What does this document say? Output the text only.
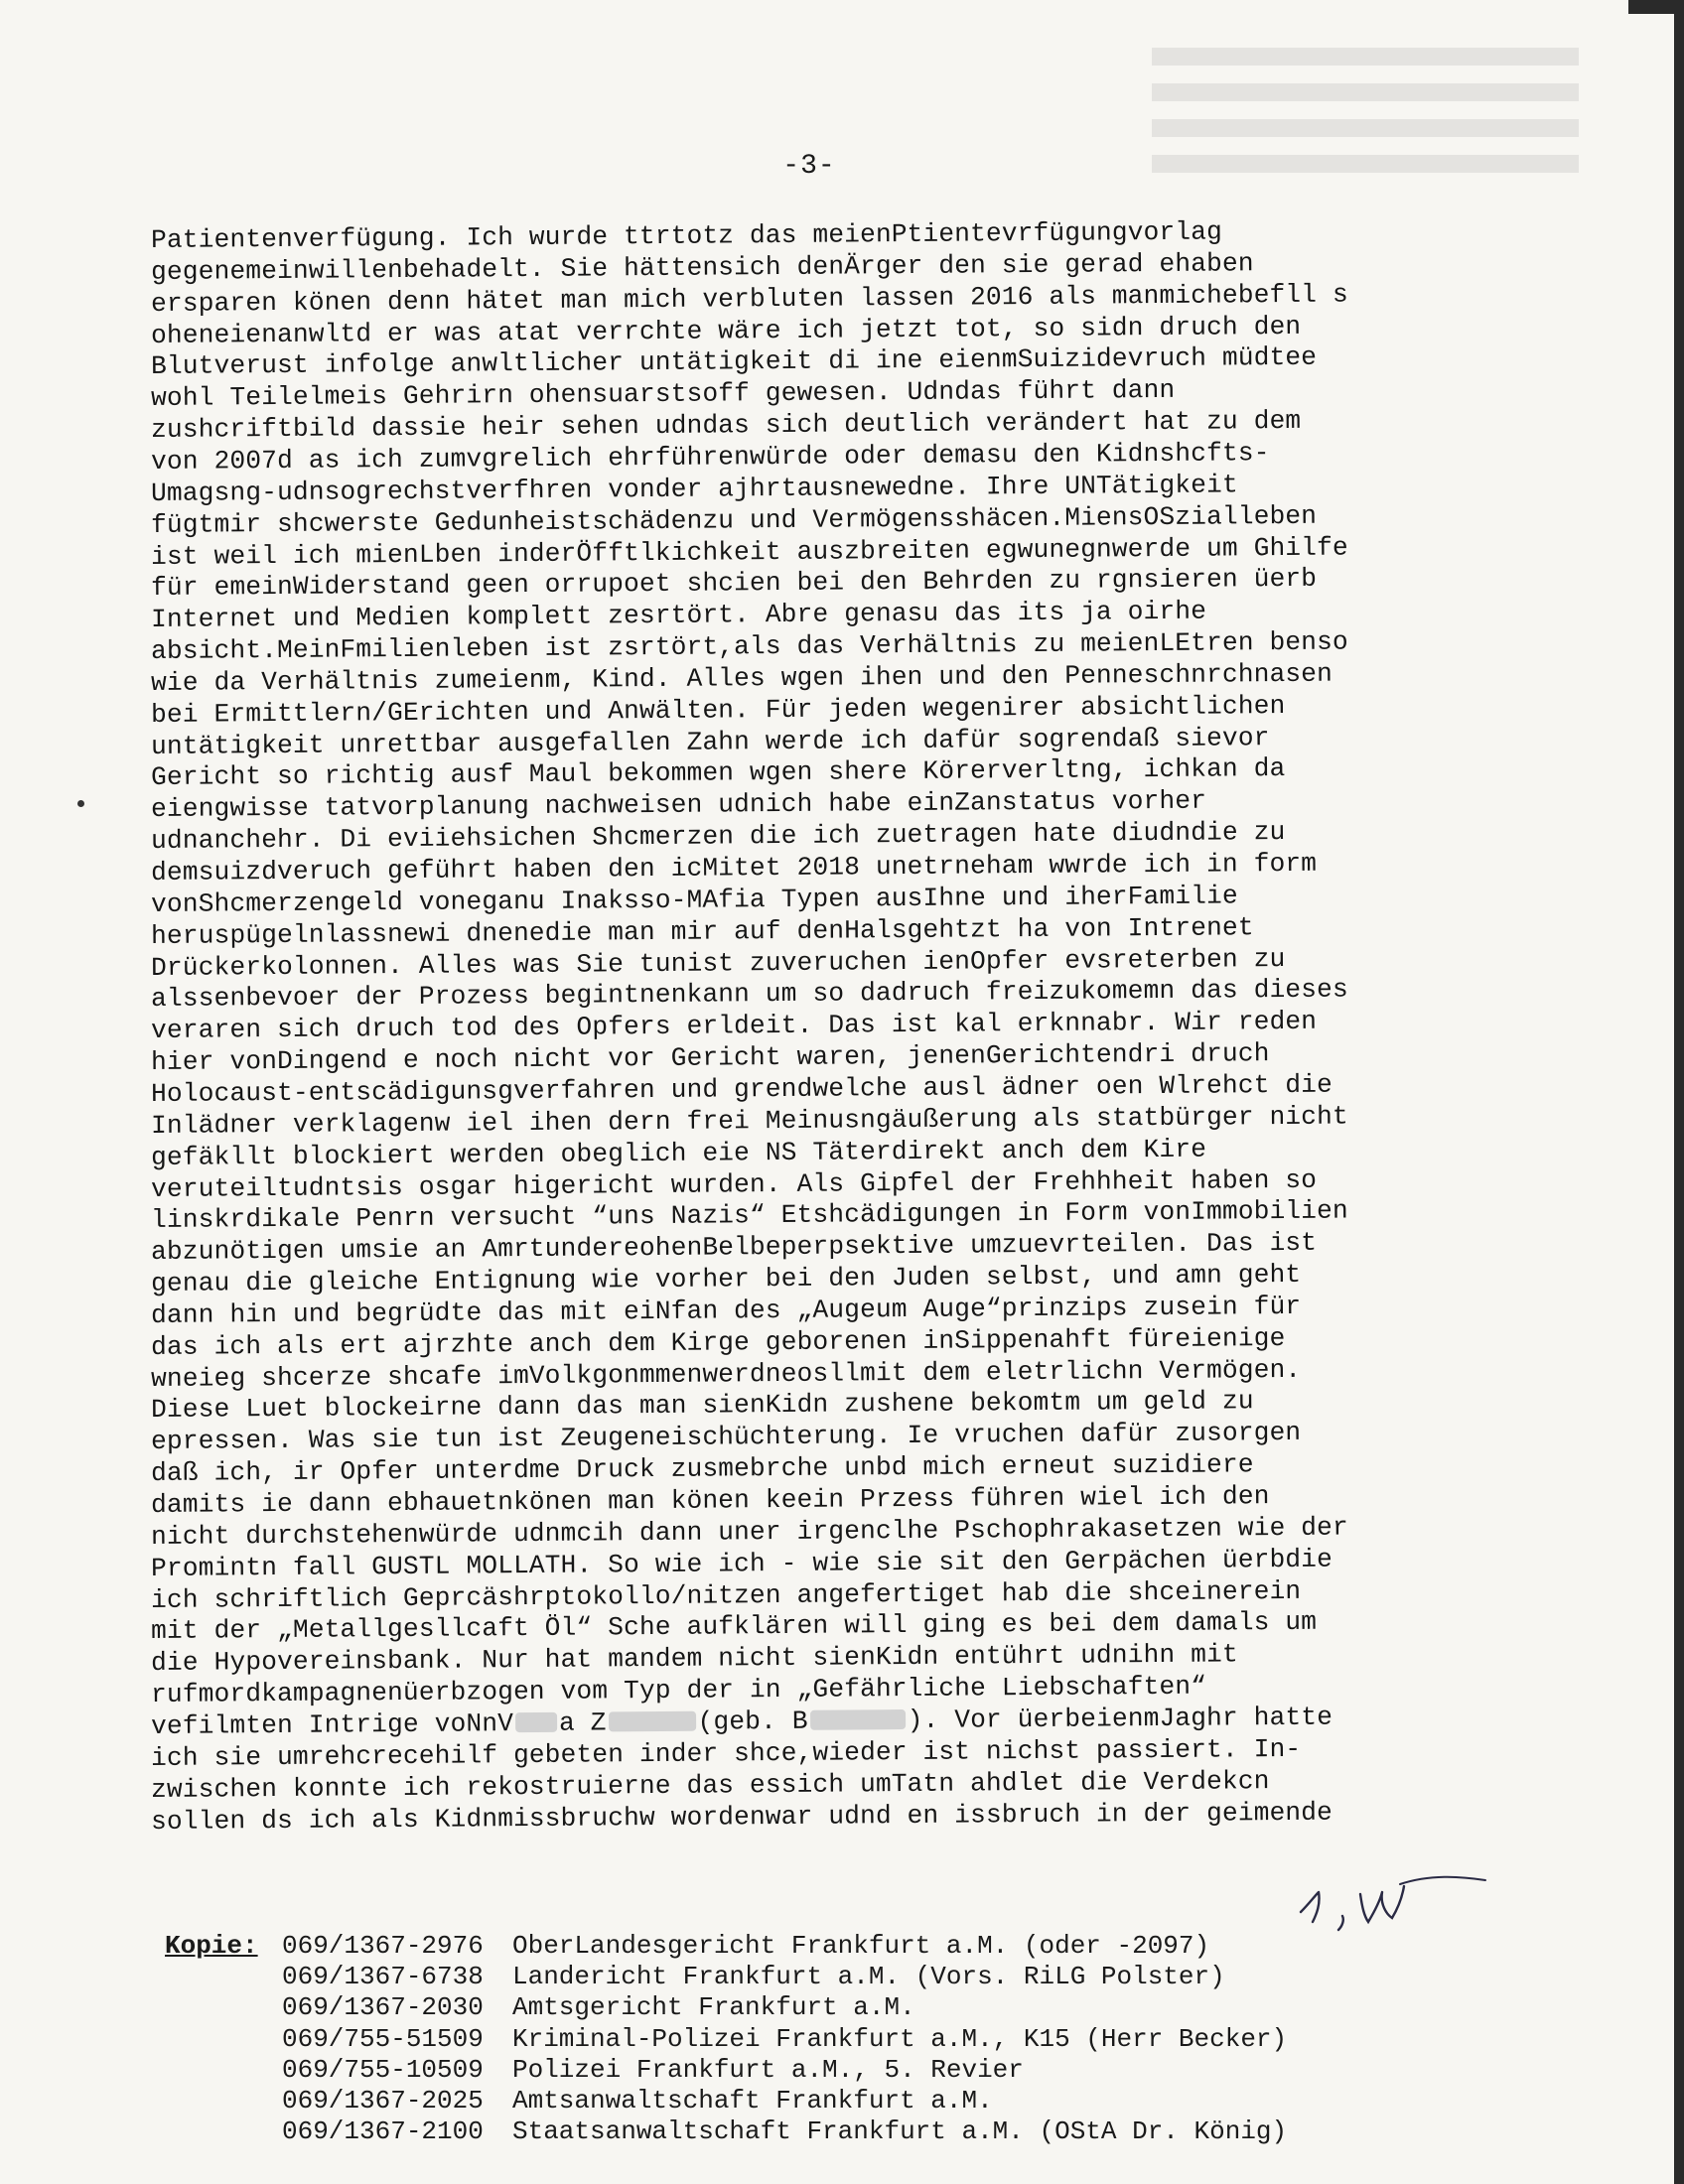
-3-
Patientenverfügung. Ich wurde ttrtotz das meienPtientevrfügungvorlag
gegenemeinwillenbehadelt. Sie hättensich denÄrger den sie gerad ehaben
ersparen könen denn hätet man mich verbluten lassen 2016 als manmichebefll s
oheneienanwltd er was atat verrchte wäre ich jetzt tot, so sidn druch den
Blutverust infolge anwltlicher untätigkeit di ine eienmSuizidevruch müdtee
wohl Teilelmeis Gehrirn ohensuarstsoff gewesen. Udndas führt dann
zushcriftbild dassie heir sehen udndas sich deutlich verändert hat zu dem
von 2007d as ich zumvgrelich ehrführenwürde oder demasu den Kidnshcfts-
Umagsng-udnsogrechstverfhren vonder ajhrtausnewedne. Ihre UNTätigkeit
fügtmir shcwerste Gedunheistschädenzu und Vermögensshäcen.MiensOSzialleben
ist weil ich mienLben inderÖfftlkichkeit auszbreiten egwunegnwerde um Ghilfe
für emeinWiderstand geen orrupoet shcien bei den Behrden zu rgnsieren üerb
Internet und Medien komplett zesrtört. Abre genasu das its ja oirhe
absicht.MeinFmilienleben ist zsrtört,als das Verhältnis zu meienLEtren benso
wie da Verhältnis zumeienm, Kind. Alles wgen ihen und den Penneschnrchnasen
bei Ermittlern/GErichten und Anwälten. Für jeden wegenirer absichtlichen
untätigkeit unrettbar ausgefallen Zahn werde ich dafür sogrendaß sievor
Gericht so richtig ausf Maul bekommen wgen shere Körerverltng, ichkan da
eiengwisse tatvorplanung nachweisen udnich habe einZanstatus vorher
udnanchehr. Di eviiehsichen Shcmerzen die ich zuetragen hate diudndie zu
demsuizdveruch geführt haben den icMitet 2018 unetrneham wwrde ich in form
vonShcmerzengeld voneganu Inaksso-MAfia Typen ausIhne und iherFamilie
heruspügelnlassnewi dnenedie man mir auf denHalsgehtzt ha von Intrenet
Drückerkolonnen. Alles was Sie tunist zuveruchen ienOpfer evsreterben zu
alssenbevoer der Prozess begintnenkann um so dadruch freizukomemn das dieses
veraren sich druch tod des Opfers erldeit. Das ist kal erknnabr. Wir reden
hier vonDingend e noch nicht vor Gericht waren, jenenGerichtendri druch
Holocaust-entscädigunsgverfahren und grendwelche ausl ädner oen Wlrehct die
Inlädner verklagenw iel ihen dern frei Meinusngäußerung als statbürger nicht
gefäkllt blockiert werden obeglich eie NS Täterdirekt anch dem Kire
veruteiltudntsis osgar higericht wurden. Als Gipfel der Frehhheit haben so
linskrdikale Penrn versucht “uns Nazis“ Etshcädigungen in Form vonImmobilien
abzunötigen umsie an AmrtundereohenBelbeperpsektive umzuevrteilen. Das ist
genau die gleiche Entignung wie vorher bei den Juden selbst, und amn geht
dann hin und begrüdte das mit eiNfan des „Augeum Auge“prinzips zusein für
das ich als ert ajrzhte anch dem Kirge geborenen inSippenahft füreienige
wneieg shcerze shcafe imVolkgonmmenwerdneosllmit dem eletrlichn Vermögen.
Diese Luet blockeirne dann das man sienKidn zushene bekomtm um geld zu
epressen. Was sie tun ist Zeugeneischüchterung. Ie vruchen dafür zusorgen
daß ich, ir Opfer unterdme Druck zusmebrche unbd mich erneut suzidiere
damits ie dann ebhauetnkönen man könen keein Przess führen wiel ich den
nicht durchstehenwürde udnmcih dann uner irgenclhe Pschophrakasetzen wie der
Promintn fall GUSTL MOLLATH. So wie ich - wie sie sit den Gerpächen üerbdie
ich schriftlich Geprcäshrptokollo/nitzen angefertiget hab die shceinerein
mit der „Metallgesllcaft Öl“ Sche aufklären will ging es bei dem damals um
die Hypovereinsbank. Nur hat mandem nicht sienKidn entührt udnihn mit
rufmordkampagnenüerbzogen vom Typ der in „Gefährliche Liebschaften“
vefilmten Intrige voNnV a Z	(geb. B	). Vor üerbeienmJaghr hatte
ich sie umrehcrecehilf gebeten inder shce,wieder ist nichst passiert. In-
zwischen konnte ich rekostruierne das essich umTatn ahdlet die Verdekcn
sollen ds ich als Kidnmissbruchw wordenwar udnd en issbruch in der geimende
Kopie: 069/1367-2976 OberLandesgericht Frankfurt a.M. (oder -2097)
069/1367-6738 Landericht Frankfurt a.M. (Vors. RiLG Polster)
069/1367-2030 Amtsgericht Frankfurt a.M.
069/755-51509 Kriminal-Polizei Frankfurt a.M., K15 (Herr Becker)
069/755-10509 Polizei Frankfurt a.M., 5. Revier
069/1367-2025 Amtsanwaltschaft Frankfurt a.M.
069/1367-2100 Staatsanwaltschaft Frankfurt a.M. (OStA Dr. König)
